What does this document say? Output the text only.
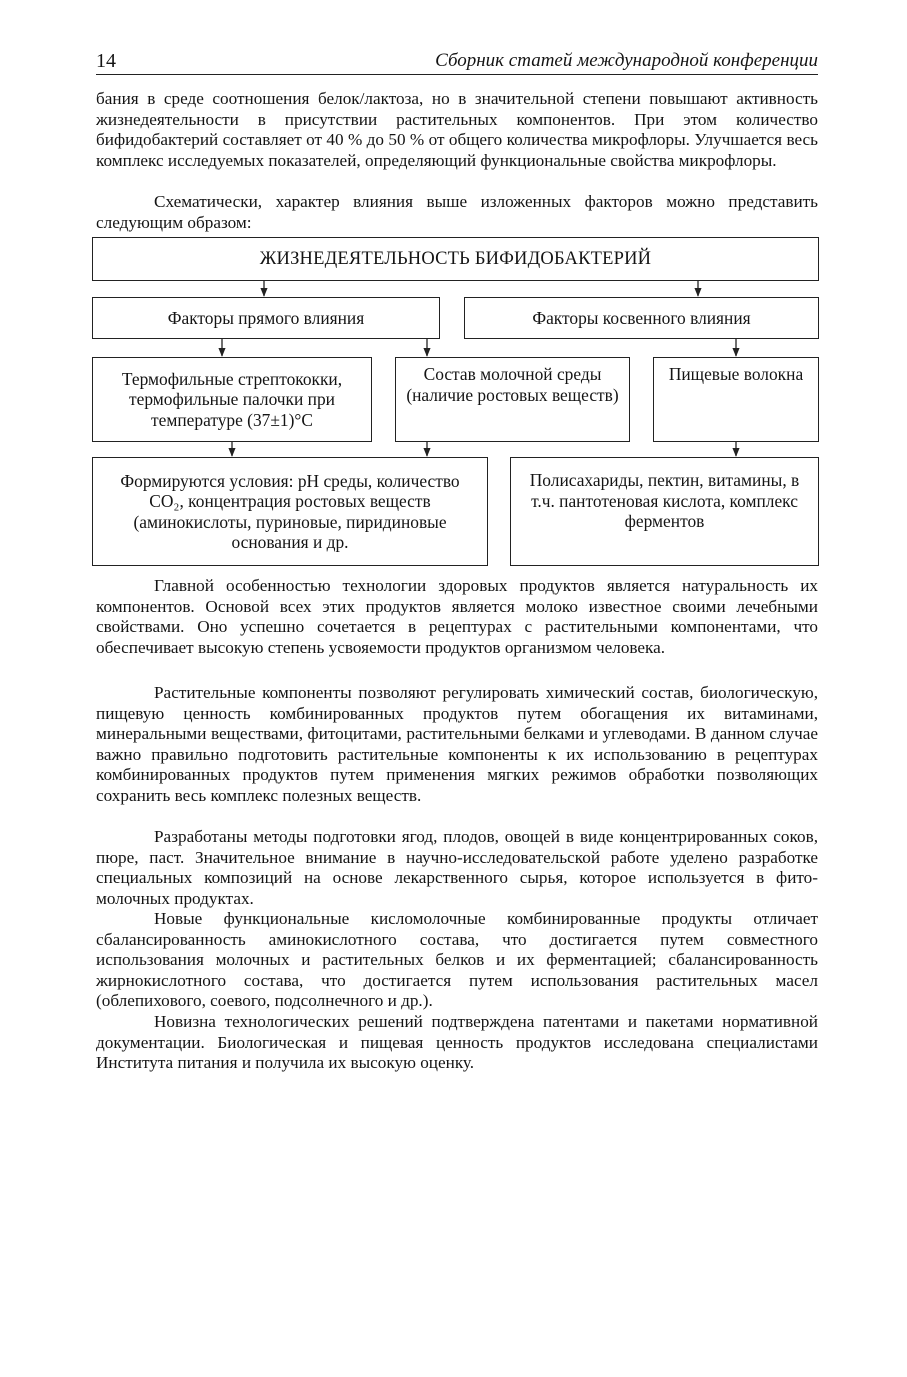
14	Сборник статей международной конференции

бания в среде соотношения белок/лактоза, но в значительной степени повышают активность жизнедеятельности в присутствии растительных компонентов. При этом количество бифидобактерий составляет от 40 % до 50 % от общего количества микрофлоры. Улучшается весь комплекс исследуемых показателей, определяющий функциональные свойства микрофлоры.

Схематически, характер влияния выше изложенных факторов можно представить следующим образом:

ЖИЗНЕДЕЯТЕЛЬНОСТЬ БИФИДОБАКТЕРИЙ
Факторы прямого влияния	Факторы косвенного влияния
Термофильные стрептококки, термофильные палочки при температуре (37±1)°С
Состав молочной среды (наличие ростовых веществ)
Пищевые волокна
Формируются условия: pH среды, количество CO₂, концентрация ростовых веществ (аминокислоты, пуриновые, пиридиновые основания и др.
Полисахариды, пектин, витамины, в т.ч. пантотеновая кислота, комплекс ферментов

Главной особенностью технологии здоровых продуктов является натуральность их компонентов. Основой всех этих продуктов является молоко известное своими лечебными свойствами. Оно успешно сочетается в рецептурах с растительными компонентами, что обеспечивает высокую степень усвояемости продуктов организмом человека.

Растительные компоненты позволяют регулировать химический состав, биологическую, пищевую ценность комбинированных продуктов путем обогащения их витаминами, минеральными веществами, фитоцитами, растительными белками и углеводами. В данном случае важно правильно подготовить растительные компоненты к их использованию в рецептурах комбинированных продуктов путем применения мягких режимов обработки позволяющих сохранить весь комплекс полезных веществ.

Разработаны методы подготовки ягод, плодов, овощей в виде концентрированных соков, пюре, паст. Значительное внимание в научно-исследовательской работе уделено разработке специальных композиций на основе лекарственного сырья, которое используется в фито-молочных продуктах.

Новые функциональные кисломолочные комбинированные продукты отличает сбалансированность аминокислотного состава, что достигается путем совместного использования молочных и растительных белков и их ферментацией; сбалансированность жирнокислотного состава, что достигается путем использования растительных масел (облепихового, соевого, подсолнечного и др.).

Новизна технологических решений подтверждена патентами и пакетами нормативной документации. Биологическая и пищевая ценность продуктов исследована специалистами Института питания и получила их высокую оценку.
